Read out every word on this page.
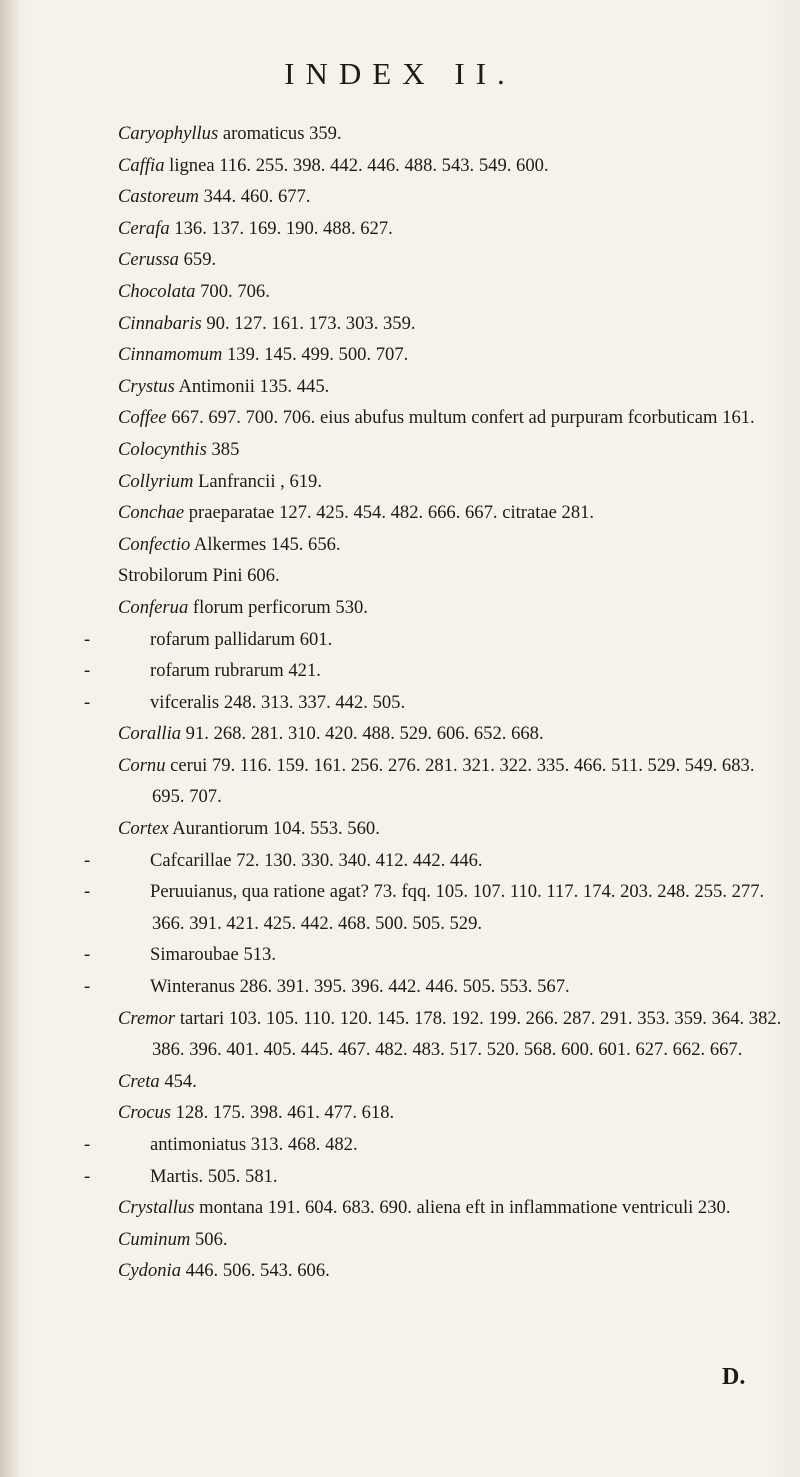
INDEX II.
Caryophyllus aromaticus 359.
Caffia lignea 116. 255. 398. 442. 446. 488. 543. 549. 600.
Castoreum 344. 460. 677.
Cerafa 136. 137. 169. 190. 488. 627.
Cerussa 659.
Chocolata 700. 706.
Cinnabaris 90. 127. 161. 173. 303. 359.
Cinnamomum 139. 145. 499. 500. 707.
Crystus Antimonii 135. 445.
Coffee 667. 697. 700. 706. eius abufus multum confert ad purpuram fcorbuticam 161.
Colocynthis 385
Collyrium Lanfrancii , 619.
Conchae praeparatae 127. 425. 454. 482. 666. 667. citratae 281.
Confectio Alkermes 145. 656.
Strobilorum Pini 606.
Conferua florum perficorum 530.
-	rofarum pallidarum 601.
-	rofarum rubrarum 421.
-	vifceralis 248. 313. 337. 442. 505.
Corallia 91. 268. 281. 310. 420. 488. 529. 606. 652. 668.
Cornu cerui 79. 116. 159. 161. 256. 276. 281. 321. 322. 335. 466. 511. 529. 549. 683. 695. 707.
Cortex Aurantiorum 104. 553. 560.
-	Cafcarillae 72. 130. 330. 340. 412. 442. 446.
-	Peruuianus, qua ratione agat? 73. fqq. 105. 107. 110. 117. 174. 203. 248. 255. 277. 366. 391. 421. 425. 442. 468. 500. 505. 529.
-	Simaroubae 513.
-	Winteranus 286. 391. 395. 396. 442. 446. 505. 553. 567.
Cremor tartari 103. 105. 110. 120. 145. 178. 192. 199. 266. 287. 291. 353. 359. 364. 382. 386. 396. 401. 405. 445. 467. 482. 483. 517. 520. 568. 600. 601. 627. 662. 667.
Creta 454.
Crocus 128. 175. 398. 461. 477. 618.
-	antimoniatus 313. 468. 482.
-	Martis. 505. 581.
Crystallus montana 191. 604. 683. 690. aliena eft in inflammatione ventriculi 230.
Cuminum 506.
Cydonia 446. 506. 543. 606.
D.
